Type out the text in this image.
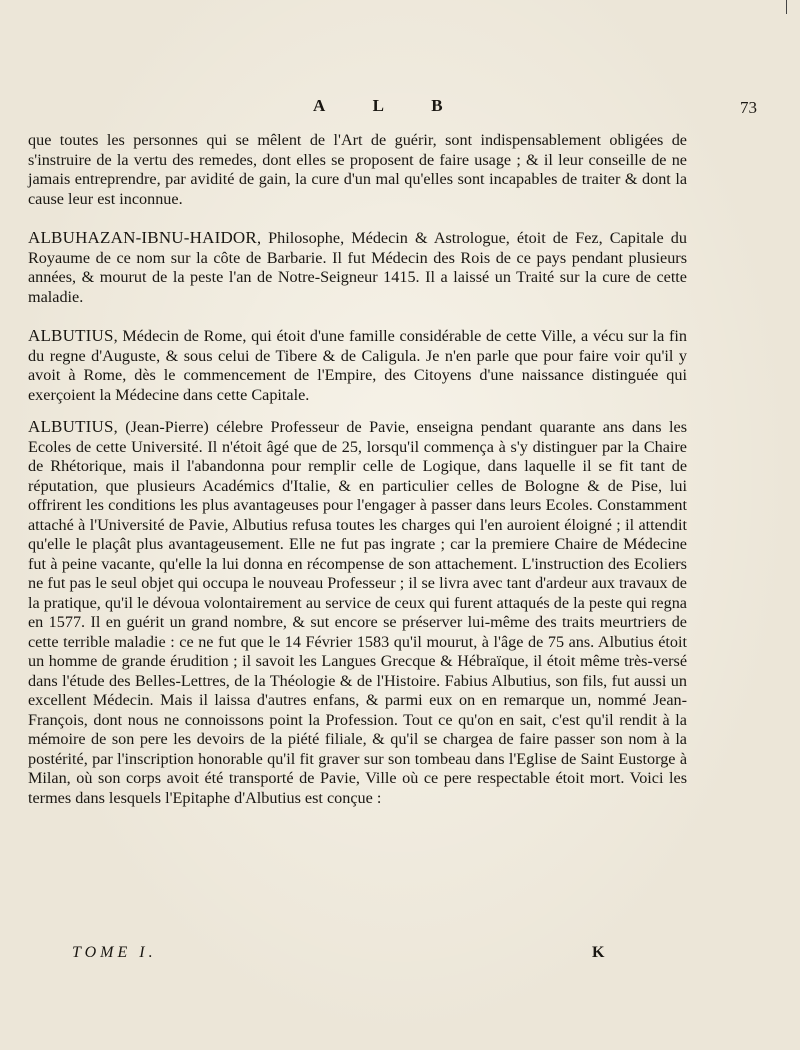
A L B	73

que toutes les personnes qui se mêlent de l'Art de guérir, sont indispensablement obligées de s'instruire de la vertu des remedes, dont elles se proposent de faire usage ; & il leur conseille de ne jamais entreprendre, par avidité de gain, la cure d'un mal qu'elles sont incapables de traiter & dont la cause leur est inconnue.

ALBUHAZAN-IBNU-HAIDOR, Philosophe, Médecin & Astrologue, étoit de Fez, Capitale du Royaume de ce nom sur la côte de Barbarie. Il fut Médecin des Rois de ce pays pendant plusieurs années, & mourut de la peste l'an de Notre-Seigneur 1415. Il a laissé un Traité sur la cure de cette maladie.

ALBUTIUS, Médecin de Rome, qui étoit d'une famille considérable de cette Ville, a vécu sur la fin du regne d'Auguste, & sous celui de Tibere & de Caligula. Je n'en parle que pour faire voir qu'il y avoit à Rome, dès le commencement de l'Empire, des Citoyens d'une naissance distinguée qui exerçoient la Médecine dans cette Capitale.

ALBUTIUS, (Jean-Pierre) célebre Professeur de Pavie, enseigna pendant quarante ans dans les Ecoles de cette Université. Il n'étoit âgé que de 25, lorsqu'il commença à s'y distinguer par la Chaire de Rhétorique, mais il l'abandonna pour remplir celle de Logique, dans laquelle il se fit tant de réputation, que plusieurs Académics d'Italie, & en particulier celles de Bologne & de Pise, lui offrirent les conditions les plus avantageuses pour l'engager à passer dans leurs Ecoles. Constamment attaché à l'Université de Pavie, Albutius refusa toutes les charges qui l'en auroient éloigné ; il attendit qu'elle le plaçât plus avantageusement. Elle ne fut pas ingrate ; car la premiere Chaire de Médecine fut à peine vacante, qu'elle la lui donna en récompense de son attachement. L'instruction des Ecoliers ne fut pas le seul objet qui occupa le nouveau Professeur ; il se livra avec tant d'ardeur aux travaux de la pratique, qu'il le dévoua volontairement au service de ceux qui furent attaqués de la peste qui regna en 1577. Il en guérit un grand nombre, & sut encore se préserver lui-même des traits meurtriers de cette terrible maladie : ce ne fut que le 14 Février 1583 qu'il mourut, à l'âge de 75 ans. Albutius étoit un homme de grande érudition ; il savoit les Langues Grecque & Hébraïque, il étoit même très-versé dans l'étude des Belles-Lettres, de la Théologie & de l'Histoire. Fabius Albutius, son fils, fut aussi un excellent Médecin. Mais il laissa d'autres enfans, & parmi eux on en remarque un, nommé Jean-François, dont nous ne connoissons point la Profession. Tout ce qu'on en sait, c'est qu'il rendit à la mémoire de son pere les devoirs de la piété filiale, & qu'il se chargea de faire passer son nom à la postérité, par l'inscription honorable qu'il fit graver sur son tombeau dans l'Eglise de Saint Eustorge à Milan, où son corps avoit été transporté de Pavie, Ville où ce pere respectable étoit mort. Voici les termes dans lesquels l'Epitaphe d'Albutius est conçue :

TOME I.	K
